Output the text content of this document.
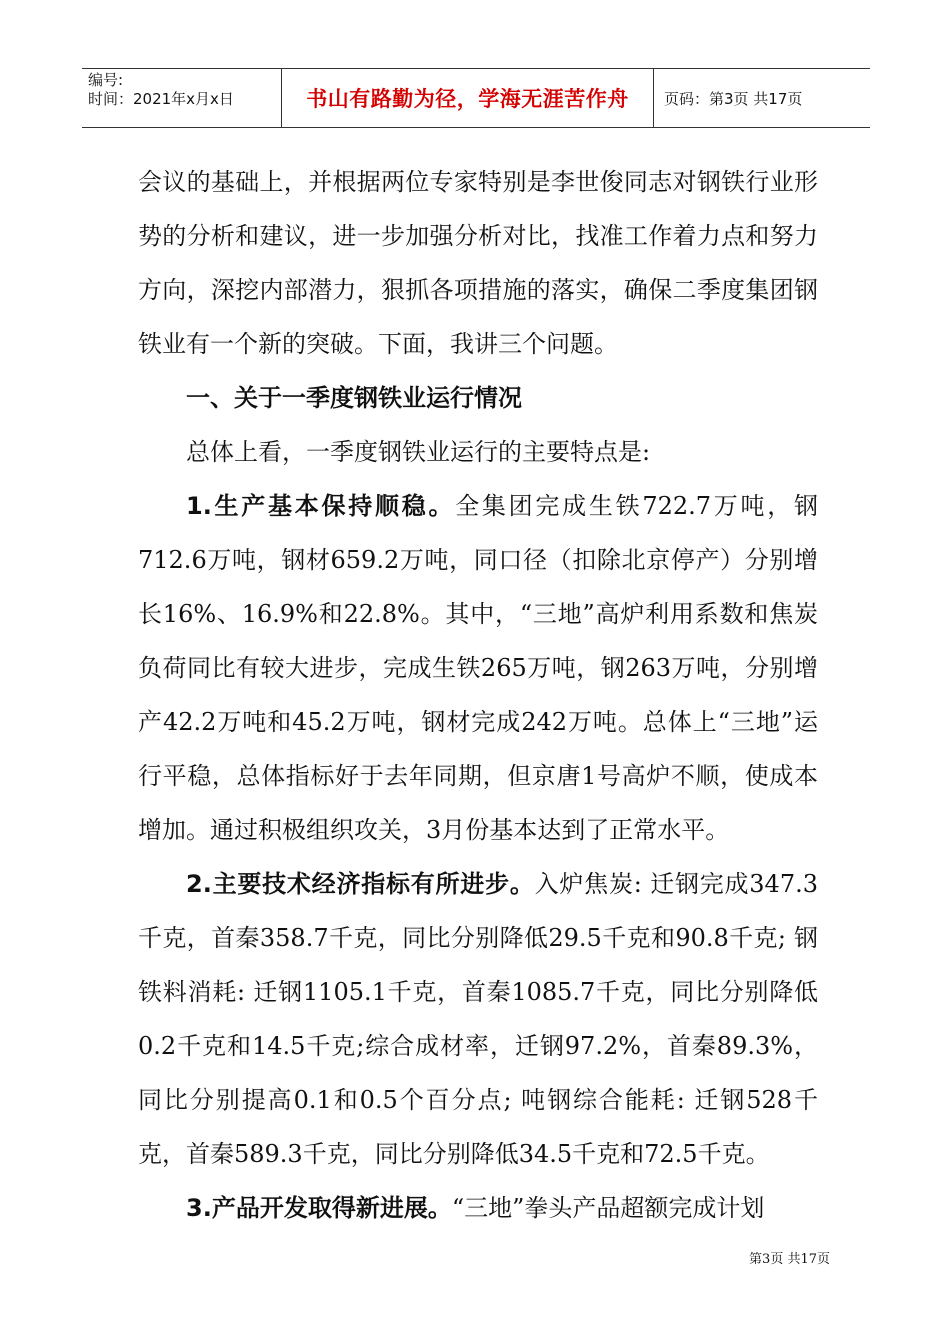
编号:
时间：2021年x月x日	书山有路勤为径，学海无涯苦作舟	页码：第3页 共17页

会议的基础上，并根据两位专家特别是李世俊同志对钢铁行业形势的分析和建议，进一步加强分析对比，找准工作着力点和努力方向，深挖内部潜力，狠抓各项措施的落实，确保二季度集团钢铁业有一个新的突破。下面，我讲三个问题。

一、关于一季度钢铁业运行情况

总体上看，一季度钢铁业运行的主要特点是:

1.生产基本保持顺稳。全集团完成生铁722.7万吨，钢712.6万吨，钢材659.2万吨，同口径（扣除北京停产）分别增长16%、16.9%和22.8%。其中，“三地”高炉利用系数和焦炭负荷同比有较大进步，完成生铁265万吨，钢263万吨，分别增产42.2万吨和45.2万吨，钢材完成242万吨。总体上“三地”运行平稳，总体指标好于去年同期，但京唐1号高炉不顺，使成本增加。通过积极组织攻关，3月份基本达到了正常水平。

2.主要技术经济指标有所进步。入炉焦炭: 迁钢完成347.3千克，首秦358.7千克，同比分别降低29.5千克和90.8千克; 钢铁料消耗: 迁钢1105.1千克，首秦1085.7千克，同比分别降低0.2千克和14.5千克;综合成材率，迁钢97.2%，首秦89.3%，同比分别提高0.1和0.5个百分点; 吨钢综合能耗: 迁钢528千克，首秦589.3千克，同比分别降低34.5千克和72.5千克。

3.产品开发取得新进展。“三地”拳头产品超额完成计划

第3页 共17页
